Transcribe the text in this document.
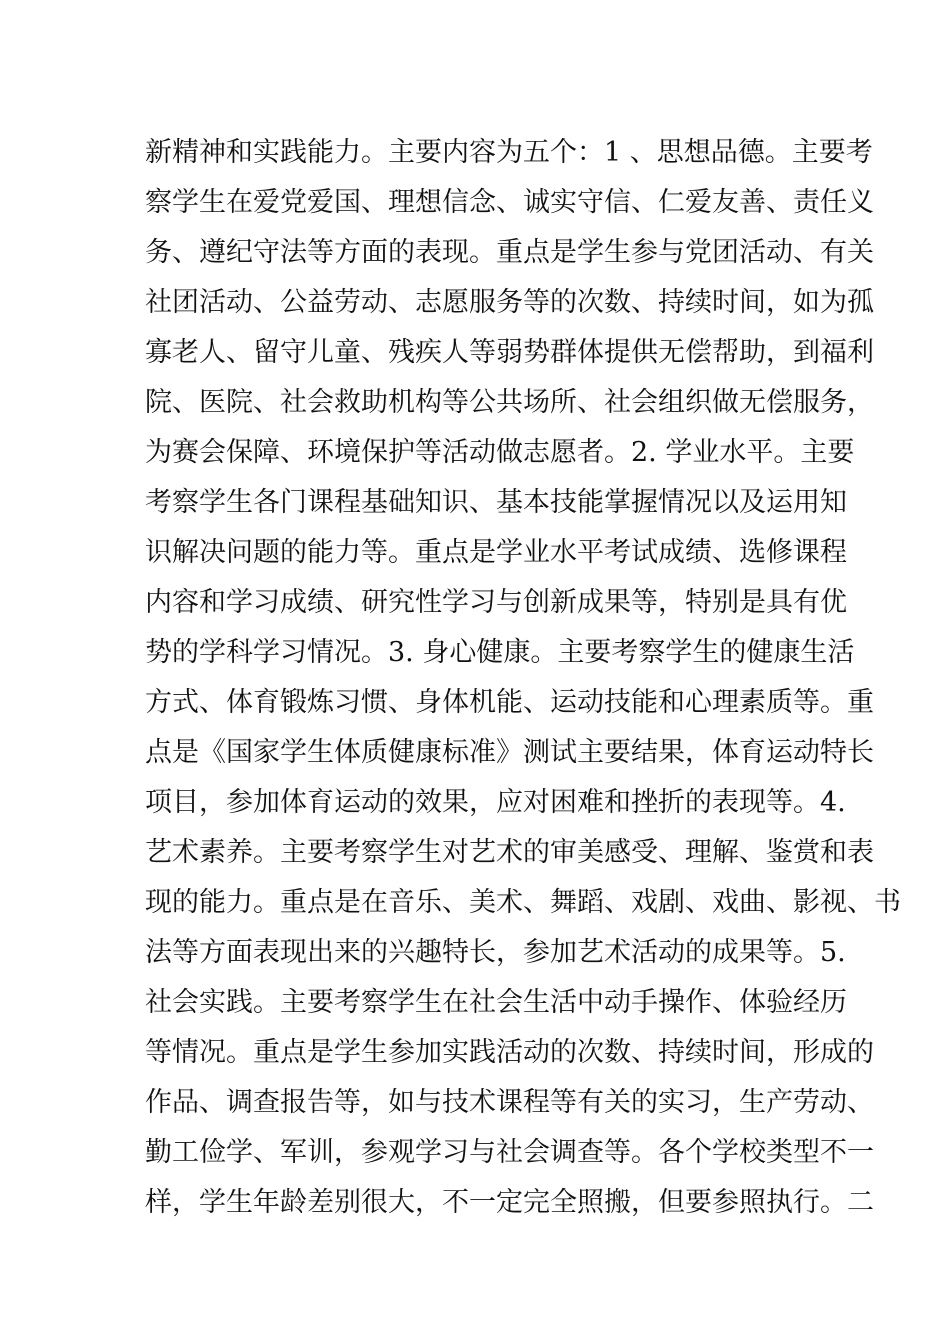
新精神和实践能力。主要内容为五个：1 、思想品德。主要考
察学生在爱党爱国、理想信念、诚实守信、仁爱友善、责任义
务、遵纪守法等方面的表现。重点是学生参与党团活动、有关
社团活动、公益劳动、志愿服务等的次数、持续时间，如为孤
寡老人、留守儿童、残疾人等弱势群体提供无偿帮助，到福利
院、医院、社会救助机构等公共场所、社会组织做无偿服务，
为赛会保障、环境保护等活动做志愿者。2. 学业水平。主要
考察学生各门课程基础知识、基本技能掌握情况以及运用知
识解决问题的能力等。重点是学业水平考试成绩、选修课程
内容和学习成绩、研究性学习与创新成果等，特别是具有优
势的学科学习情况。3. 身心健康。主要考察学生的健康生活
方式、体育锻炼习惯、身体机能、运动技能和心理素质等。重
点是《国家学生体质健康标准》测试主要结果，体育运动特长
项目，参加体育运动的效果，应对困难和挫折的表现等。4.
艺术素养。主要考察学生对艺术的审美感受、理解、鉴赏和表
现的能力。重点是在音乐、美术、舞蹈、戏剧、戏曲、影视、书
法等方面表现出来的兴趣特长，参加艺术活动的成果等。5.
社会实践。主要考察学生在社会生活中动手操作、体验经历
等情况。重点是学生参加实践活动的次数、持续时间，形成的
作品、调查报告等，如与技术课程等有关的实习，生产劳动、
勤工俭学、军训，参观学习与社会调查等。各个学校类型不一
样，学生年龄差别很大，不一定完全照搬，但要参照执行。二
